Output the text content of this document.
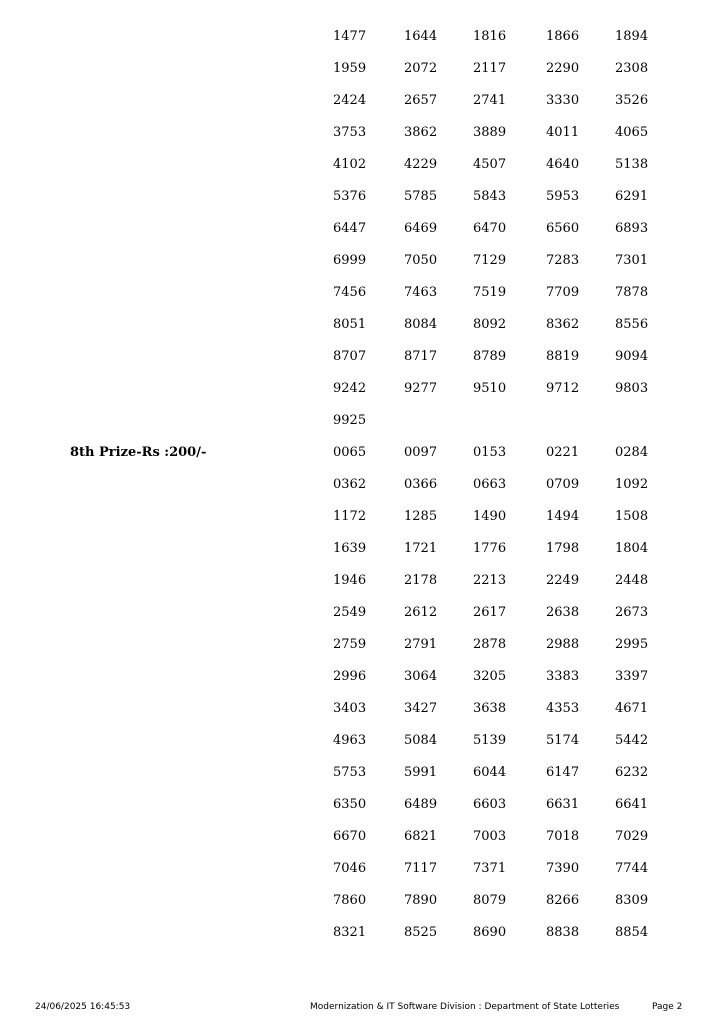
1477	1644	1816	1866	1894
1959	2072	2117	2290	2308
2424	2657	2741	3330	3526
3753	3862	3889	4011	4065
4102	4229	4507	4640	5138
5376	5785	5843	5953	6291
6447	6469	6470	6560	6893
6999	7050	7129	7283	7301
7456	7463	7519	7709	7878
8051	8084	8092	8362	8556
8707	8717	8789	8819	9094
9242	9277	9510	9712	9803
9925
8th Prize-Rs :200/-	0065	0097	0153	0221	0284
0362	0366	0663	0709	1092
1172	1285	1490	1494	1508
1639	1721	1776	1798	1804
1946	2178	2213	2249	2448
2549	2612	2617	2638	2673
2759	2791	2878	2988	2995
2996	3064	3205	3383	3397
3403	3427	3638	4353	4671
4963	5084	5139	5174	5442
5753	5991	6044	6147	6232
6350	6489	6603	6631	6641
6670	6821	7003	7018	7029
7046	7117	7371	7390	7744
7860	7890	8079	8266	8309
8321	8525	8690	8838	8854
24/06/2025 16:45:53	Modernization & IT Software Division : Department of State Lotteries	Page 2
